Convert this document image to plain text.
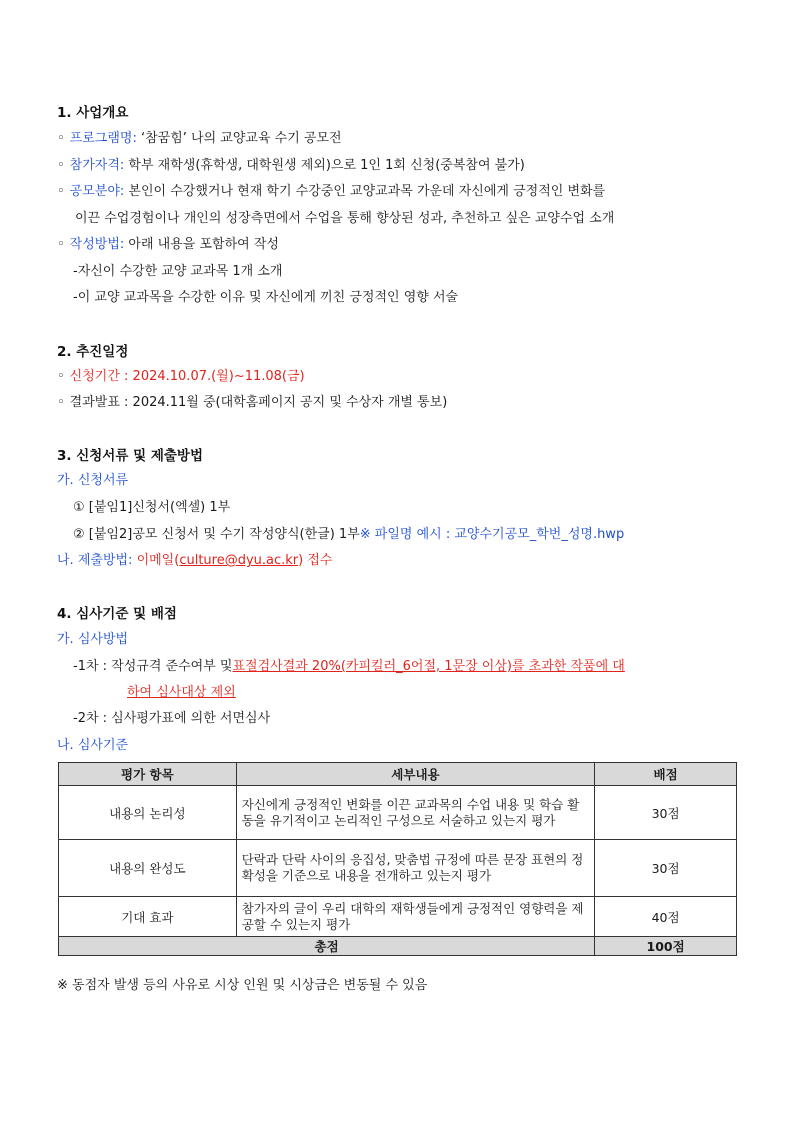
1. 사업개요
◦ 프로그램명: ‘참꿈힘’ 나의 교양교육 수기 공모전
◦ 참가자격: 학부 재학생(휴학생, 대학원생 제외)으로 1인 1회 신청(중복참여 불가)
◦ 공모분야: 본인이 수강했거나 현재 학기 수강중인 교양교과목 가운데 자신에게 긍정적인 변화를
이끈 수업경험이나 개인의 성장측면에서 수업을 통해 향상된 성과, 추천하고 싶은 교양수업 소개
◦ 작성방법: 아래 내용을 포함하여 작성
-자신이 수강한 교양 교과목 1개 소개
-이 교양 교과목을 수강한 이유 및 자신에게 끼친 긍정적인 영향 서술
2. 추진일정
◦ 신청기간 : 2024.10.07.(월)~11.08(금)
◦ 결과발표 : 2024.11월 중(대학홈페이지 공지 및 수상자 개별 통보)
3. 신청서류 및 제출방법
가. 신청서류
① [붙임1]신청서(엑셀) 1부
② [붙임2]공모 신청서 및 수기 작성양식(한글) 1부※ 파일명 예시 : 교양수기공모_학번_성명.hwp
나. 제출방법: 이메일(culture@dyu.ac.kr) 접수
4. 심사기준 및 배점
가. 심사방법
-1차 : 작성규격 준수여부 및표절검사결과 20%(카피킬러_6어절, 1문장 이상)를 초과한 작품에 대
하여 심사대상 제외
-2차 : 심사평가표에 의한 서면심사
나. 심사기준
평가 항목	세부내용	배점
내용의 논리성	자신에게 긍정적인 변화를 이끈 교과목의 수업 내용 및 학습 활동을 유기적이고 논리적인 구성으로 서술하고 있는지 평가	30점
내용의 완성도	단락과 단락 사이의 응집성, 맞춤법 규정에 따른 문장 표현의 정확성을 기준으로 내용을 전개하고 있는지 평가	30점
기대 효과	참가자의 글이 우리 대학의 재학생들에게 긍정적인 영향력을 제공할 수 있는지 평가	40점
총점		100점
※ 동점자 발생 등의 사유로 시상 인원 및 시상금은 변동될 수 있음
